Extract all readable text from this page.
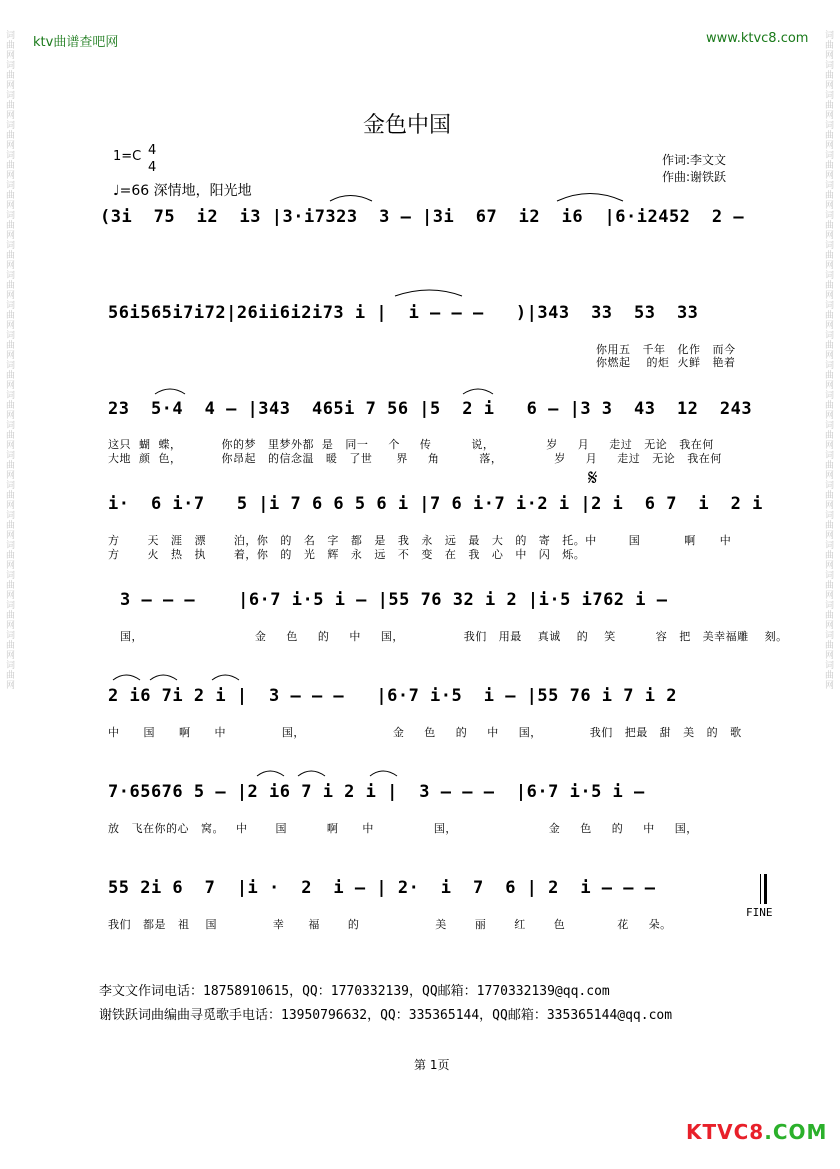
ktv曲谱查吧网	www.ktvc8.com
词曲网词曲网词曲网词曲网词曲网词曲网词曲网词曲网词曲网词曲网词曲网词曲网词曲网词曲网词曲网词曲网词曲网词曲网词曲网词曲网词曲网词曲网	词曲网词曲网词曲网词曲网词曲网词曲网词曲网词曲网词曲网词曲网词曲网词曲网词曲网词曲网词曲网词曲网词曲网词曲网词曲网词曲网词曲网词曲网
金色中国
1=C 4
4
♩=66 深情地，阳光地
作词:李文文
作曲:谢铁跃
(3i  75  i2  i3 |3·i7323  3 – |3i  67  i2  i6  |6·i2452  2 –
56i565i7i72|26ii6i2i73 i |  i – – –   )|343  33  53  33
你用五   千年   化作   而今
你燃起    的炬  火鲜   艳着
23  5·4  4 – |343  465i 7 56 |5  2 i   6 – |3 3  43  12  243
这只  蝴  蝶，          你的梦   里梦外都  是   同一     个     传          说，             岁     月     走过   无论   我在何
大地  颜  色，          你昂起   的信念温   暖   了世      界     角          落，             岁     月     走过   无论   我在何
i·  6 i·7   5 |i 7 6 6 5 6 i |7 6 i·7 i·2 i |2 i  6 7  i  2 i
方       天   涯   漂       泊，你   的   名   字   都   是   我   永   远   最   大   的   寄   托。中        国           啊      中
方       火   热   执       着，你   的   光   辉   永   远   不   变   在   我   心   中   闪   烁。
𝄋
3 – – –    |6·7 i·5 i – |55 76 32 i 2 |i·5 i762 i –
国，                            金     色     的     中     国，               我们   用最    真诚    的    笑          容   把   美幸福雕    刻。
2 i6 7i 2 i |  3 – – –   |6·7 i·5  i – |55 76 i 7 i 2
中      国      啊      中              国，                      金     色     的     中     国，            我们   把最   甜   美   的   歌
7·65676 5 – |2 i6 7 i 2 i |  3 – – –  |6·7 i·5 i –
放   飞在你的心   窝。   中       国          啊      中               国，                       金     色     的     中     国，
55 2i 6  7  |i ·  2  i – | 2·  i  7  6 | 2  i – – –
我们   都是   祖    国              幸      福       的                   美       丽       红       色             花     朵。
FINE
李文文作词电话：18758910615，QQ：1770332139，QQ邮箱：1770332139@qq.com
谢铁跃词曲编曲寻觅歌手电话：13950796632，QQ：335365144，QQ邮箱：335365144@qq.com
第 1页
KTVC8.COM
